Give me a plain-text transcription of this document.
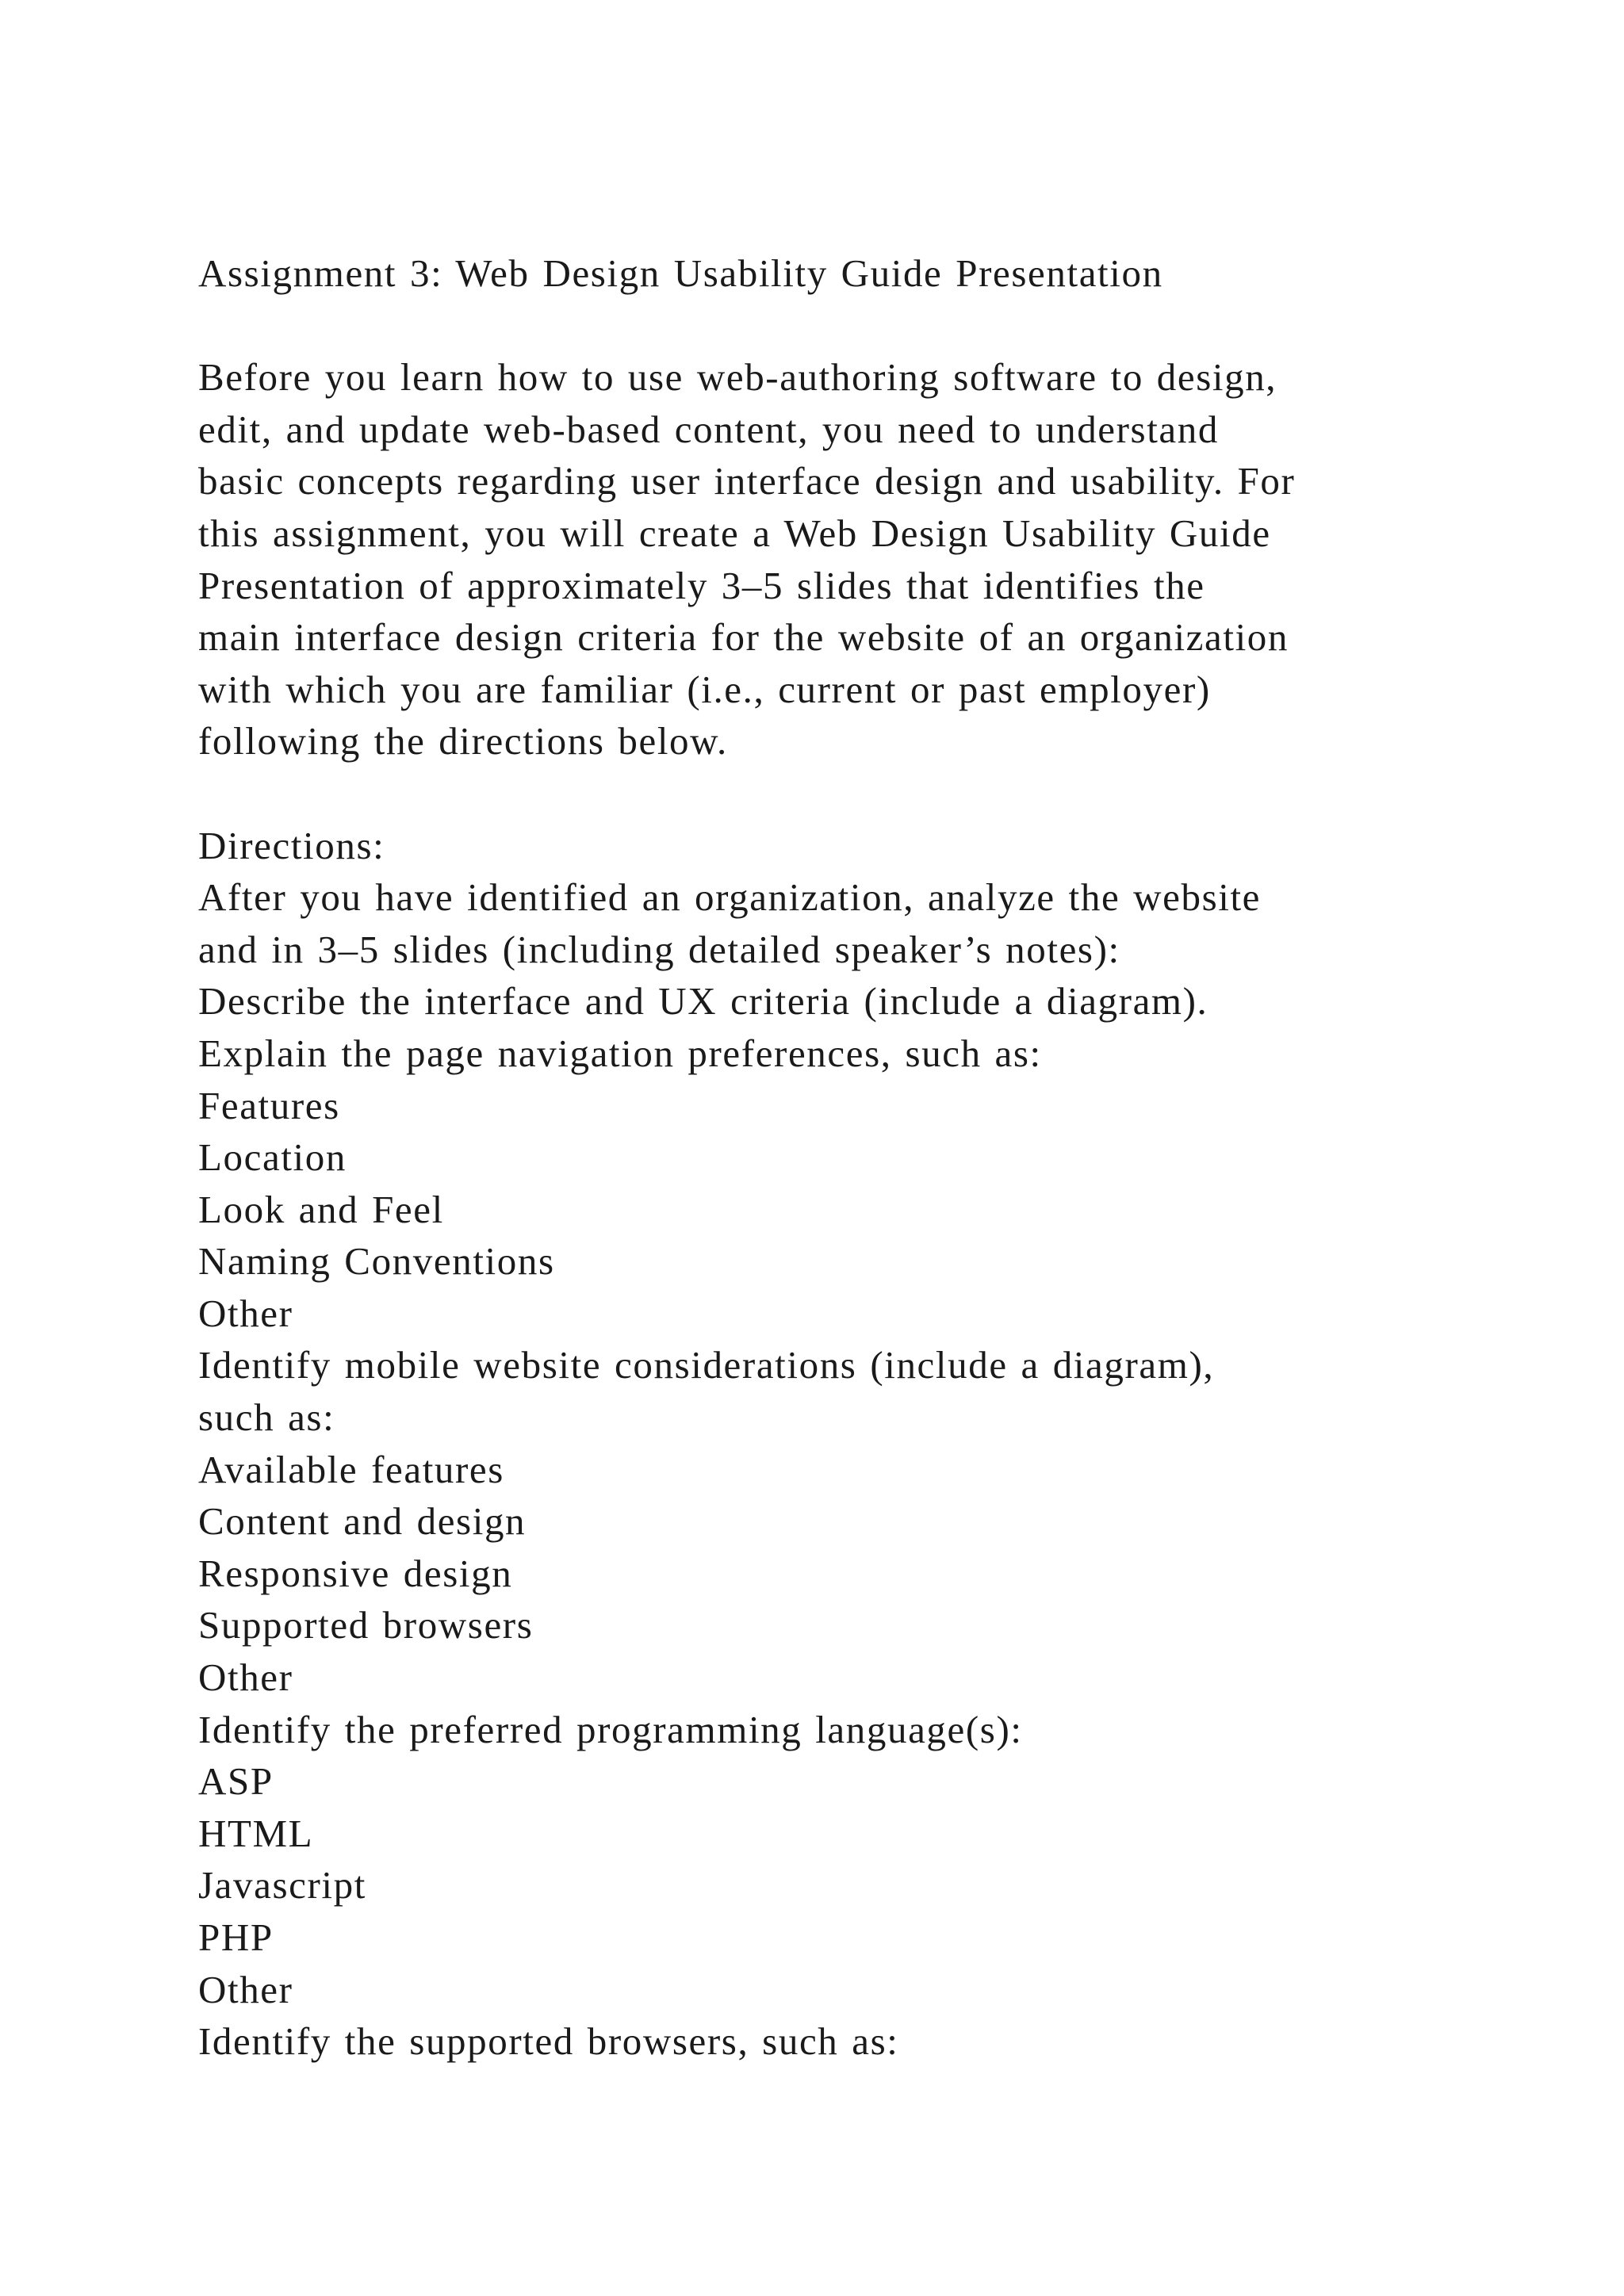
Assignment 3: Web Design Usability Guide Presentation
Before you learn how to use web-authoring software to design,
edit, and update web-based content, you need to understand
basic concepts regarding user interface design and usability. For
this assignment, you will create a Web Design Usability Guide
Presentation of approximately 3–5 slides that identifies the
main interface design criteria for the website of an organization
with which you are familiar (i.e., current or past employer)
following the directions below.
Directions:
After you have identified an organization, analyze the website
and in 3–5 slides (including detailed speaker’s notes):
Describe the interface and UX criteria (include a diagram).
Explain the page navigation preferences, such as:
Features
Location
Look and Feel
Naming Conventions
Other
Identify mobile website considerations (include a diagram),
such as:
Available features
Content and design
Responsive design
Supported browsers
Other
Identify the preferred programming language(s):
ASP
HTML
Javascript
PHP
Other
Identify the supported browsers, such as:
